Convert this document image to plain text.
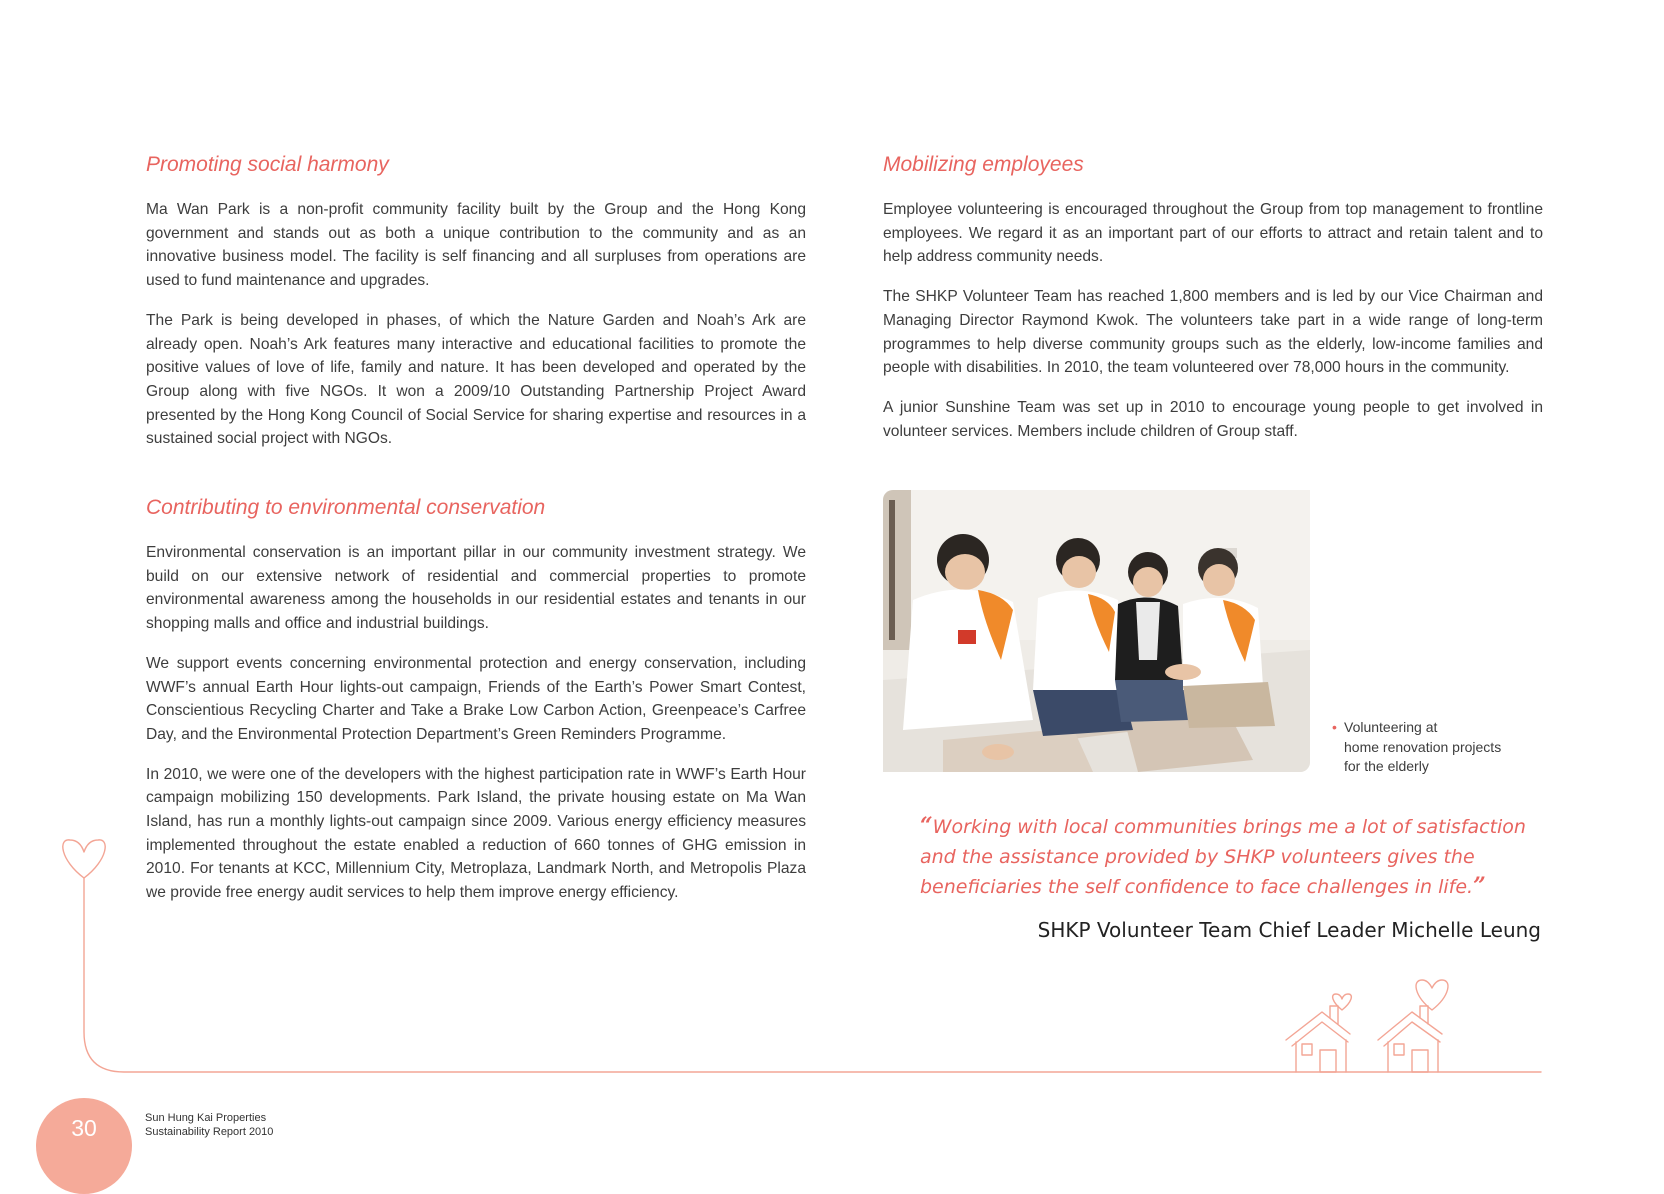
Promoting social harmony

Ma Wan Park is a non-profit community facility built by the Group and the Hong Kong government and stands out as both a unique contribution to the community and as an innovative business model. The facility is self financing and all surpluses from operations are used to fund maintenance and upgrades.

The Park is being developed in phases, of which the Nature Garden and Noah’s Ark are already open. Noah’s Ark features many interactive and educational facilities to promote the positive values of love of life, family and nature. It has been developed and operated by the Group along with five NGOs. It won a 2009/10 Outstanding Partnership Project Award presented by the Hong Kong Council of Social Service for sharing expertise and resources in a sustained social project with NGOs.

Contributing to environmental conservation

Environmental conservation is an important pillar in our community investment strategy. We build on our extensive network of residential and commercial properties to promote environmental awareness among the households in our residential estates and tenants in our shopping malls and office and industrial buildings.

We support events concerning environmental protection and energy conservation, including WWF’s annual Earth Hour lights-out campaign, Friends of the Earth’s Power Smart Contest, Conscientious Recycling Charter and Take a Brake Low Carbon Action, Greenpeace’s Carfree Day, and the Environmental Protection Department’s Green Reminders Programme.

In 2010, we were one of the developers with the highest participation rate in WWF’s Earth Hour campaign mobilizing 150 developments. Park Island, the private housing estate on Ma Wan Island, has run a monthly lights-out campaign since 2009. Various energy efficiency measures implemented throughout the estate enabled a reduction of 660 tonnes of GHG emission in 2010. For tenants at KCC, Millennium City, Metroplaza, Landmark North, and Metropolis Plaza we provide free energy audit services to help them improve energy efficiency.

Mobilizing employees

Employee volunteering is encouraged throughout the Group from top management to frontline employees. We regard it as an important part of our efforts to attract and retain talent and to help address community needs.

The SHKP Volunteer Team has reached 1,800 members and is led by our Vice Chairman and Managing Director Raymond Kwok. The volunteers take part in a wide range of long-term programmes to help diverse community groups such as the elderly, low-income families and people with disabilities. In 2010, the team volunteered over 78,000 hours in the community.

A junior Sunshine Team was set up in 2010 to encourage young people to get involved in volunteer services. Members include children of Group staff.

• Volunteering at
home renovation projects
for the elderly
“Working with local communities brings me a lot of satisfaction and the assistance provided by SHKP volunteers gives the beneficiaries the self confidence to face challenges in life.”
SHKP Volunteer Team Chief Leader Michelle Leung
30	Sun Hung Kai Properties
Sustainability Report 2010
